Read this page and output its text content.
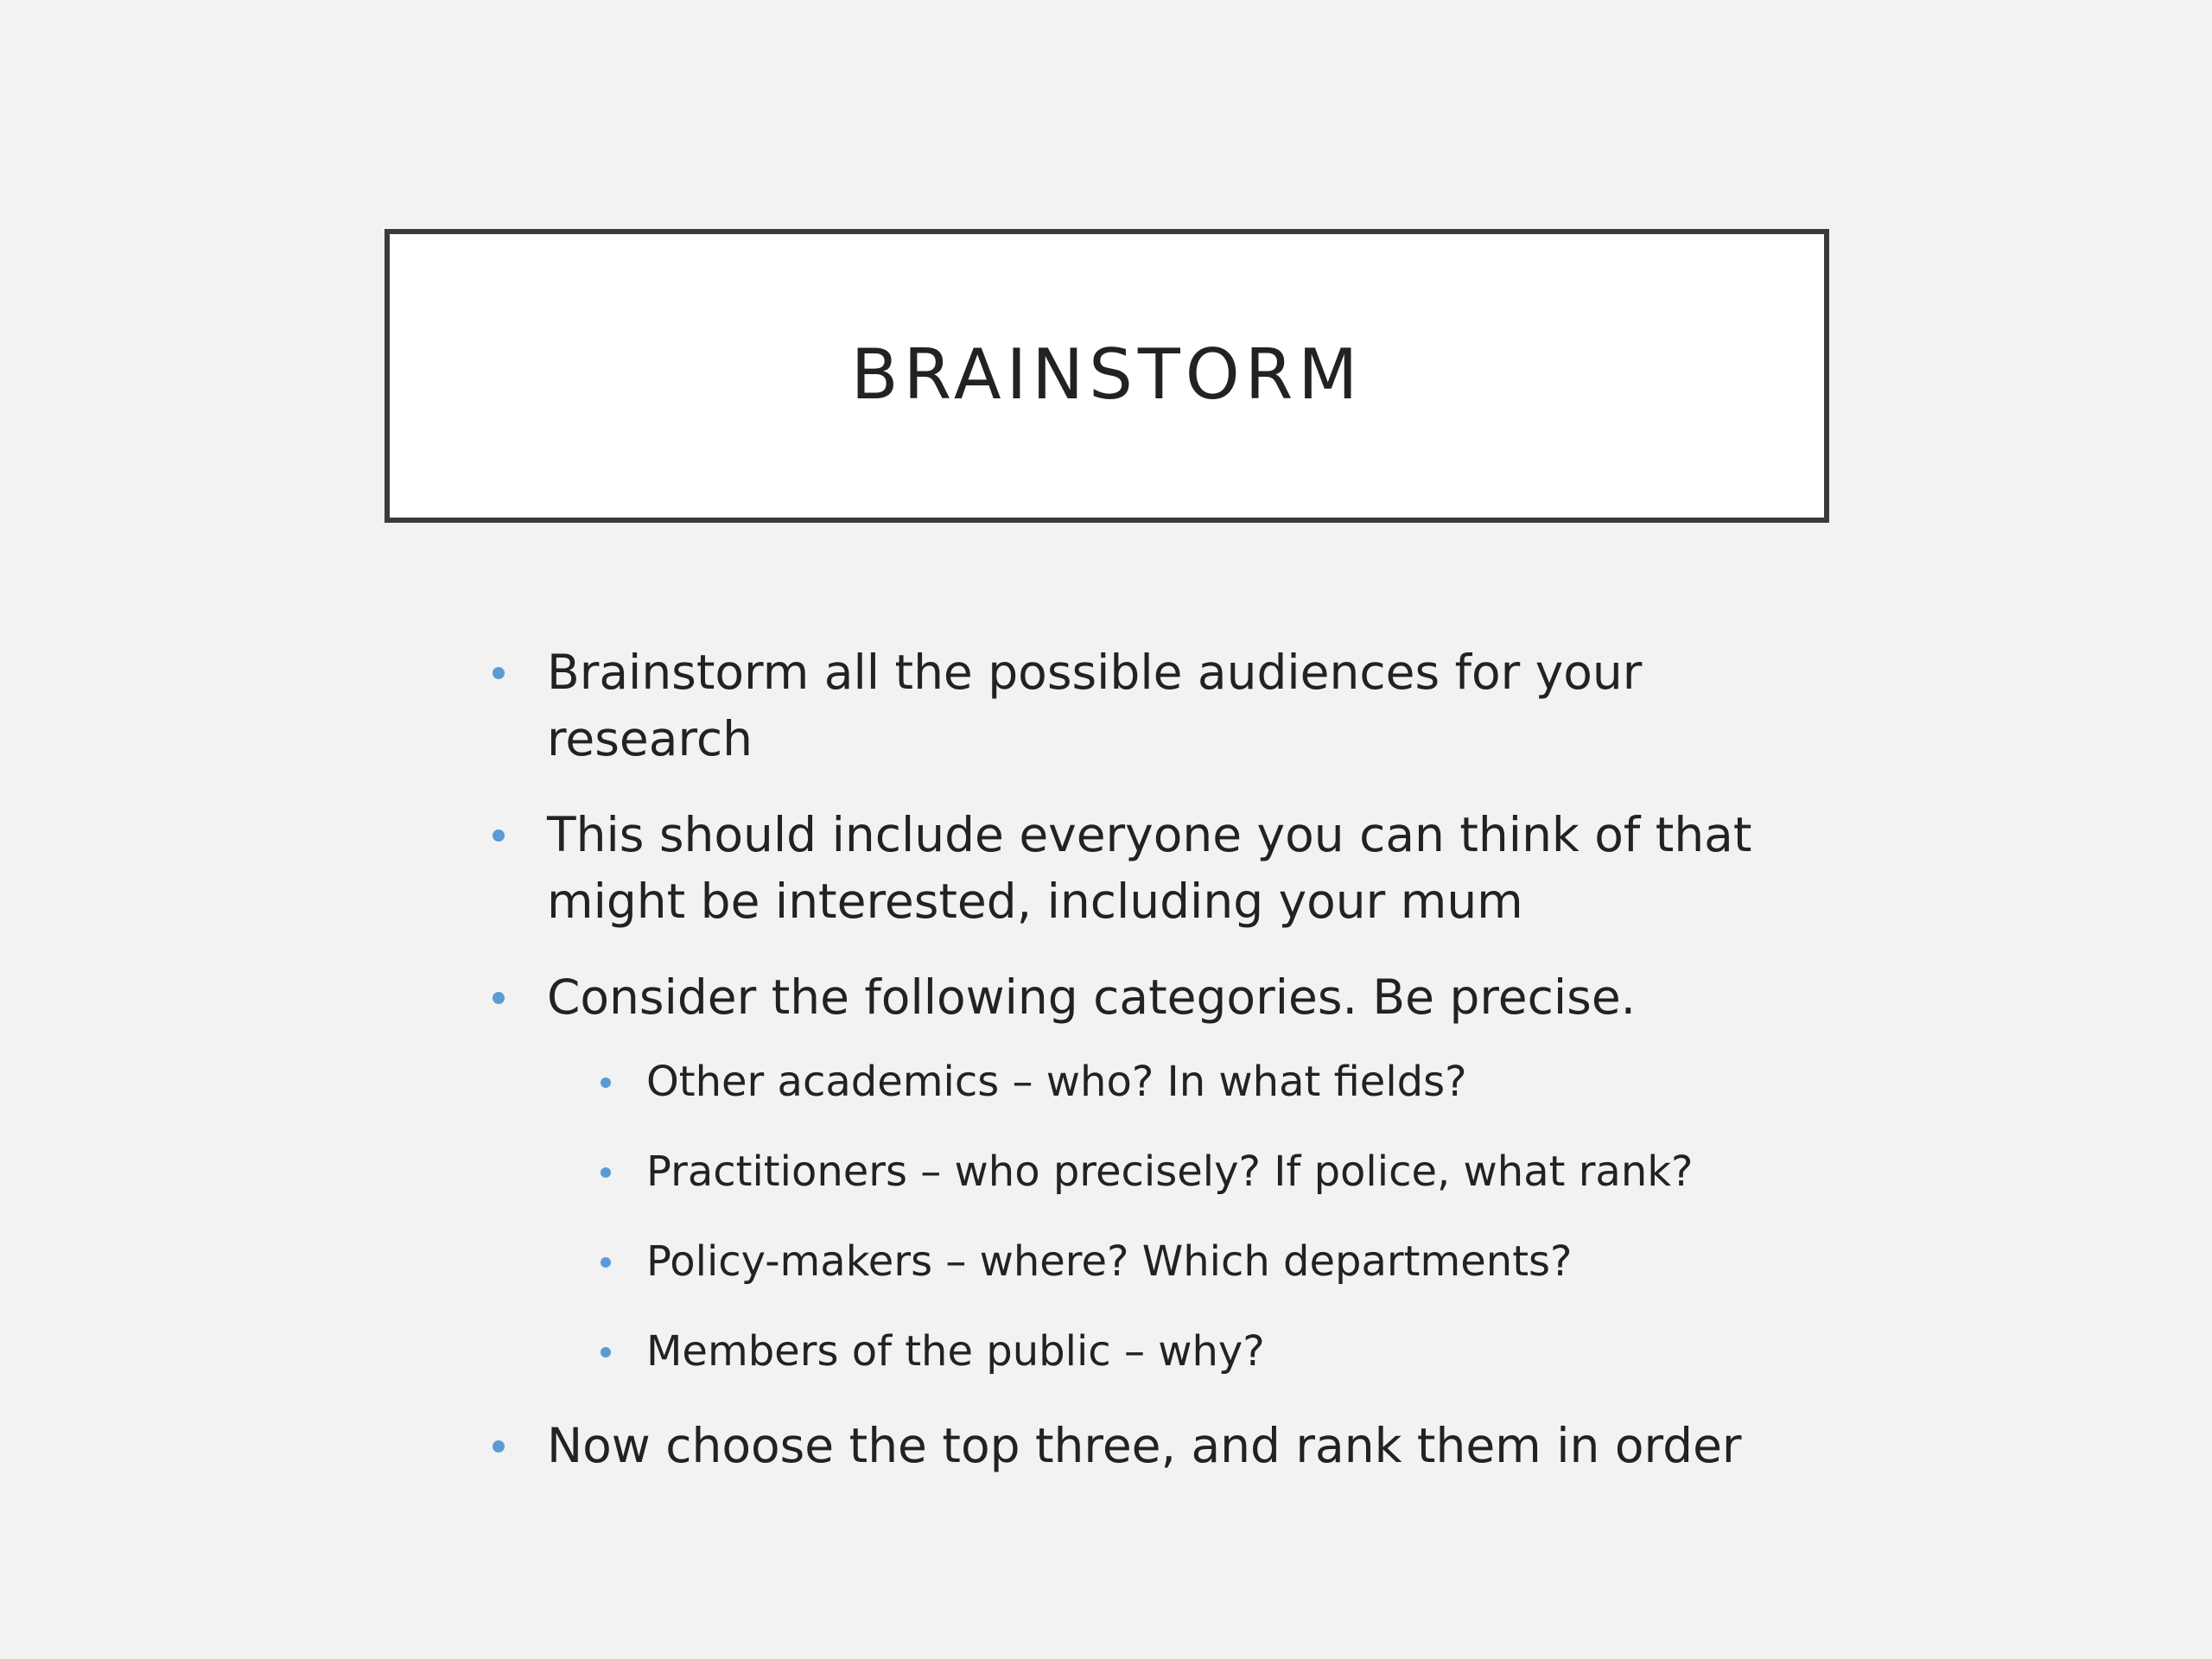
BRAINSTORM
Brainstorm all the possible audiences for your research
This should include everyone you can think of that might be interested, including your mum
Consider the following categories. Be precise.
Other academics – who? In what fields?
Practitioners – who precisely? If police, what rank?
Policy-makers – where? Which departments?
Members of the public – why?
Now choose the top three, and rank them in order
